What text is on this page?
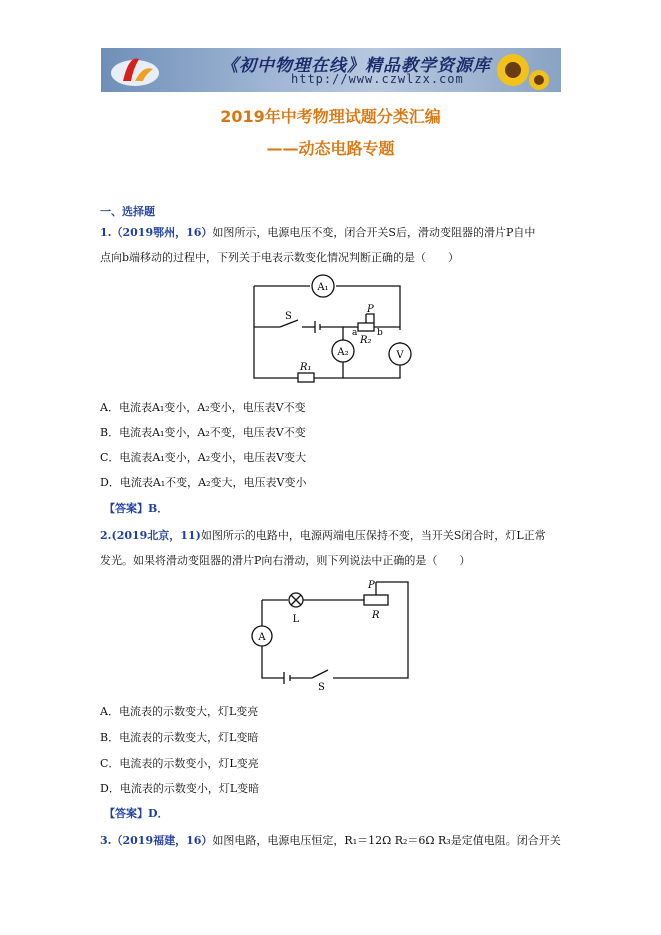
《初中物理在线》精品教学资源库
http://www.czwlzx.com
2019年中考物理试题分类汇编
——动态电路专题
一、选择题
1.（2019鄂州，16）如图所示，电源电压不变，闭合开关S后，滑动变阻器的滑片P自中
点向b端移动的过程中，下列关于电表示数变化情况判断正确的是（　　）
A₁
A₂	V
S
P
a b
R₂
R₁
A．电流表A₁变小，A₂变小，电压表V不变
B．电流表A₁变小，A₂不变，电压表V不变
C．电流表A₁变小，A₂变小，电压表V变大
D．电流表A₁不变，A₂变大，电压表V变小
【答案】B．
2.(2019北京，11)如图所示的电路中，电源两端电压保持不变，当开关S闭合时，灯L正常
发光。如果将滑动变阻器的滑片P向右滑动，则下列说法中正确的是（　　）
A
L
P
R
S
A．电流表的示数变大，灯L变亮
B．电流表的示数变大，灯L变暗
C．电流表的示数变小，灯L变亮
D．电流表的示数变小，灯L变暗
【答案】D．
3.（2019福建，16）如图电路，电源电压恒定，R₁＝12Ω R₂＝6Ω R₃是定值电阻。闭合开关
